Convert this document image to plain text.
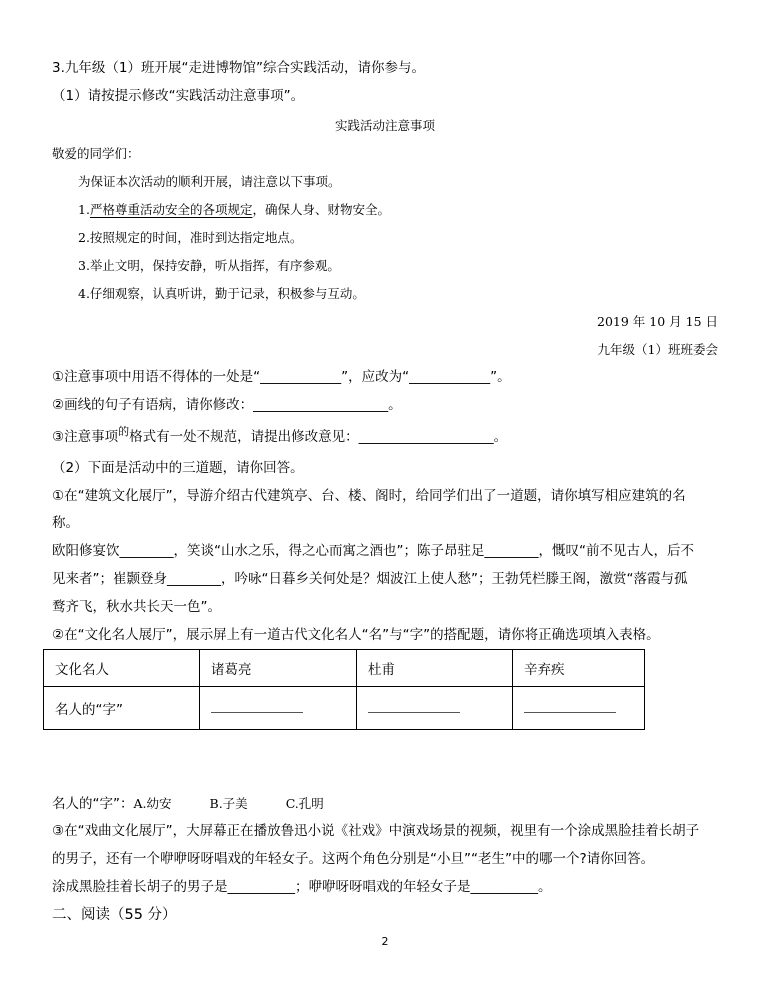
3.九年级（1）班开展“走进博物馆”综合实践活动，请你参与。
（1）请按提示修改“实践活动注意事项”。
实践活动注意事项
敬爱的同学们：
为保证本次活动的顺利开展，请注意以下事项。
1.严格尊重活动安全的各项规定，确保人身、财物安全。
2.按照规定的时间，准时到达指定地点。
3.举止文明，保持安静，听从指挥，有序参观。
4.仔细观察，认真听讲，勤于记录，积极参与互动。
2019 年 10 月 15 日
九年级（1）班班委会
①注意事项中用语不得体的一处是“____________”，应改为“____________”。
②画线的句子有语病，请你修改：____________________。
③注意事项$^的$格式有一处不规范，请提出修改意见：____________________。
（2）下面是活动中的三道题，请你回答。
①在“建筑文化展厅”，导游介绍古代建筑亭、台、楼、阁时，给同学们出了一道题，请你填写相应建筑的名
称。
欧阳修宴饮________，笑谈“山水之乐，得之心而寓之酒也”；陈子昂驻足________，慨叹“前不见古人，后不
见来者”；崔颢登身________，吟咏“日暮乡关何处是？烟波江上使人愁”；王勃凭栏滕王阁，激赏“落霞与孤
鹜齐飞，秋水共长天一色”。
②在“文化名人展厅”，展示屏上有一道古代文化名人“名”与“字”的搭配题，请你将正确选项填入表格。
文化名人	诸葛亮	杜甫	辛弃疾
名人的“字”			
名人的“字”：A.幼安	B.子美	C.孔明
③在“戏曲文化展厅”，大屏幕正在播放鲁迅小说《社戏》中演戏场景的视频，视里有一个涂成黑脸挂着长胡子
的男子，还有一个咿咿呀呀唱戏的年轻女子。这两个角色分别是“小旦”“老生”中的哪一个?请你回答。
涂成黑脸挂着长胡子的男子是__________；咿咿呀呀唱戏的年轻女子是__________。
二、阅读（55 分）
2
